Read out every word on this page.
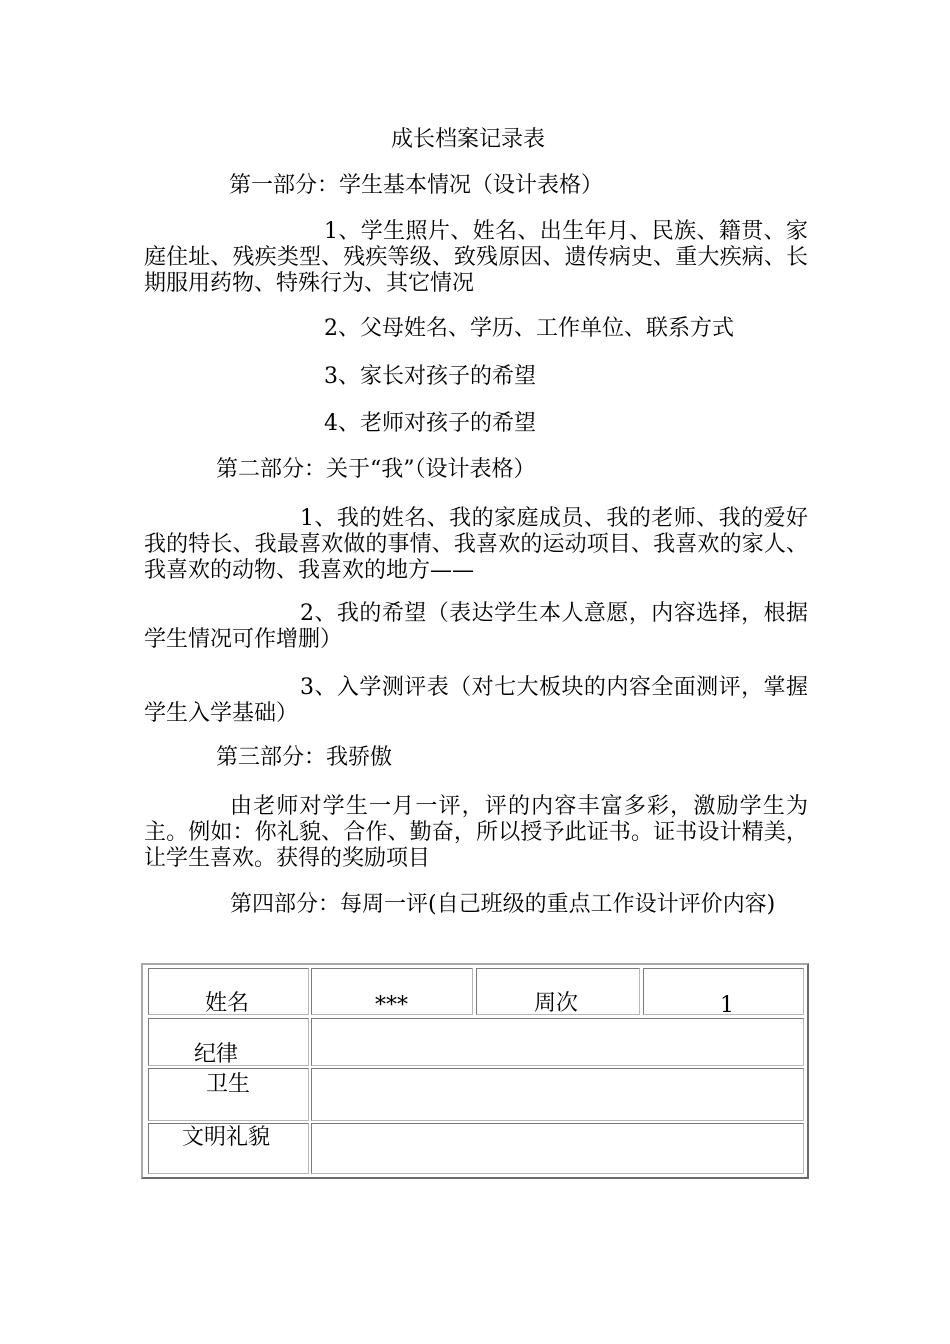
成长档案记录表
第一部分：学生基本情况（设计表格）
1、学生照片、姓名、出生年月、民族、籍贯、家庭住址、残疾类型、残疾等级、致残原因、遗传病史、重大疾病、长期服用药物、特殊行为、其它情况
2、父母姓名、学历、工作单位、联系方式
3、家长对孩子的希望
4、老师对孩子的希望
第二部分：关于“我”（设计表格）
1、我的姓名、我的家庭成员、我的老师、我的爱好我的特长、我最喜欢做的事情、我喜欢的运动项目、我喜欢的家人、我喜欢的动物、我喜欢的地方——
2、我的希望（表达学生本人意愿，内容选择，根据学生情况可作增删）
3、入学测评表（对七大板块的内容全面测评，掌握学生入学基础）
第三部分：我骄傲
由老师对学生一月一评，评的内容丰富多彩，激励学生为主。例如：你礼貌、合作、勤奋，所以授予此证书。证书设计精美，让学生喜欢。获得的奖励项目
第四部分：每周一评(自己班级的重点工作设计评价内容)
姓名	***	周次	1
纪律
卫生
文明礼貌
